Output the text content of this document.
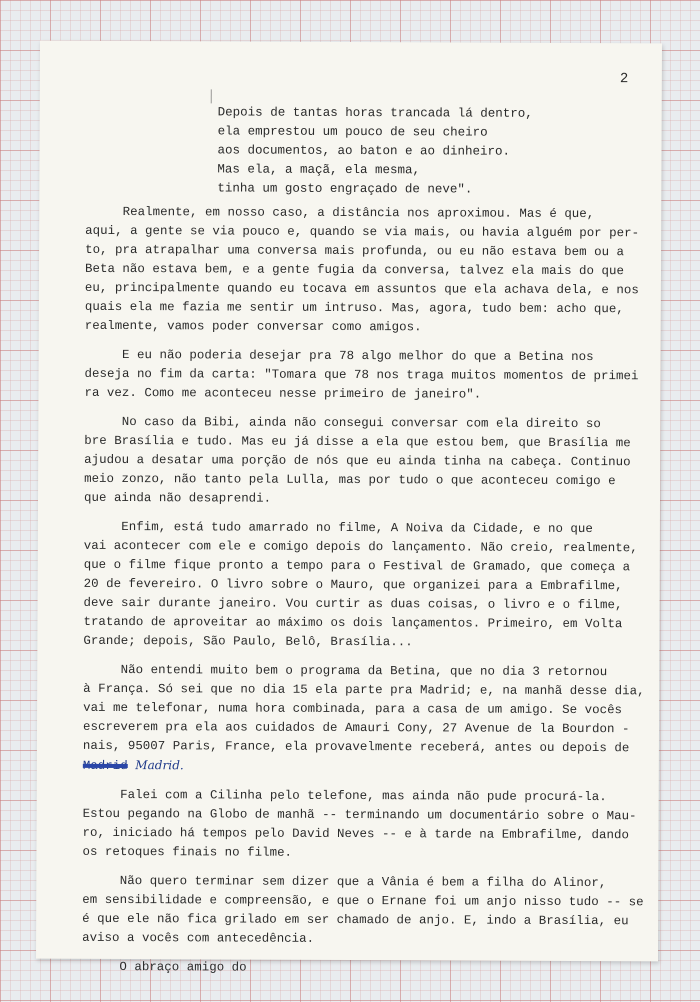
2
Depois de tantas horas trancada lá dentro,
ela emprestou um pouco de seu cheiro
aos documentos, ao baton e ao dinheiro.
Mas ela, a maçã, ela mesma,
tinha um gosto engraçado de neve".
Realmente, em nosso caso, a distância nos aproximou. Mas é que,
aqui, a gente se via pouco e, quando se via mais, ou havia alguém por per-
to, pra atrapalhar uma conversa mais profunda, ou eu não estava bem ou a
Beta não estava bem, e a gente fugia da conversa, talvez ela mais do que
eu, principalmente quando eu tocava em assuntos que ela achava dela, e nos
quais ela me fazia me sentir um intruso. Mas, agora, tudo bem: acho que,
realmente, vamos poder conversar como amigos.
E eu não poderia desejar pra 78 algo melhor do que a Betina nos
deseja no fim da carta: "Tomara que 78 nos traga muitos momentos de primei
ra vez. Como me aconteceu nesse primeiro de janeiro".
No caso da Bibi, ainda não consegui conversar com ela direito so
bre Brasília e tudo. Mas eu já disse a ela que estou bem, que Brasília me
ajudou a desatar uma porção de nós que eu ainda tinha na cabeça. Continuo
meio zonzo, não tanto pela Lulla, mas por tudo o que aconteceu comigo e
que ainda não desaprendi.
Enfim, está tudo amarrado no filme, A Noiva da Cidade, e no que
vai acontecer com ele e comigo depois do lançamento. Não creio, realmente,
que o filme fique pronto a tempo para o Festival de Gramado, que começa a
20 de fevereiro. O livro sobre o Mauro, que organizei para a Embrafilme,
deve sair durante janeiro. Vou curtir as duas coisas, o livro e o filme,
tratando de aproveitar ao máximo os dois lançamentos. Primeiro, em Volta
Grande; depois, São Paulo, Belô, Brasília...
Não entendi muito bem o programa da Betina, que no dia 3 retornou
à França. Só sei que no dia 15 ela parte pra Madrid; e, na manhã desse dia,
vai me telefonar, numa hora combinada, para a casa de um amigo. Se vocês
escreverem pra ela aos cuidados de Amauri Cony, 27 Avenue de la Bourdon -
nais, 95007 Paris, France, ela provavelmente receberá, antes ou depois de
Madrid Madrid.
Falei com a Cilinha pelo telefone, mas ainda não pude procurá-la.
Estou pegando na Globo de manhã -- terminando um documentário sobre o Mau-
ro, iniciado há tempos pelo David Neves -- e à tarde na Embrafilme, dando
os retoques finais no filme.
Não quero terminar sem dizer que a Vânia é bem a filha do Alinor,
em sensibilidade e compreensão, e que o Ernane foi um anjo nisso tudo -- se
é que ele não fica grilado em ser chamado de anjo. E, indo a Brasília, eu
aviso a vocês com antecedência.
O abraço amigo do
